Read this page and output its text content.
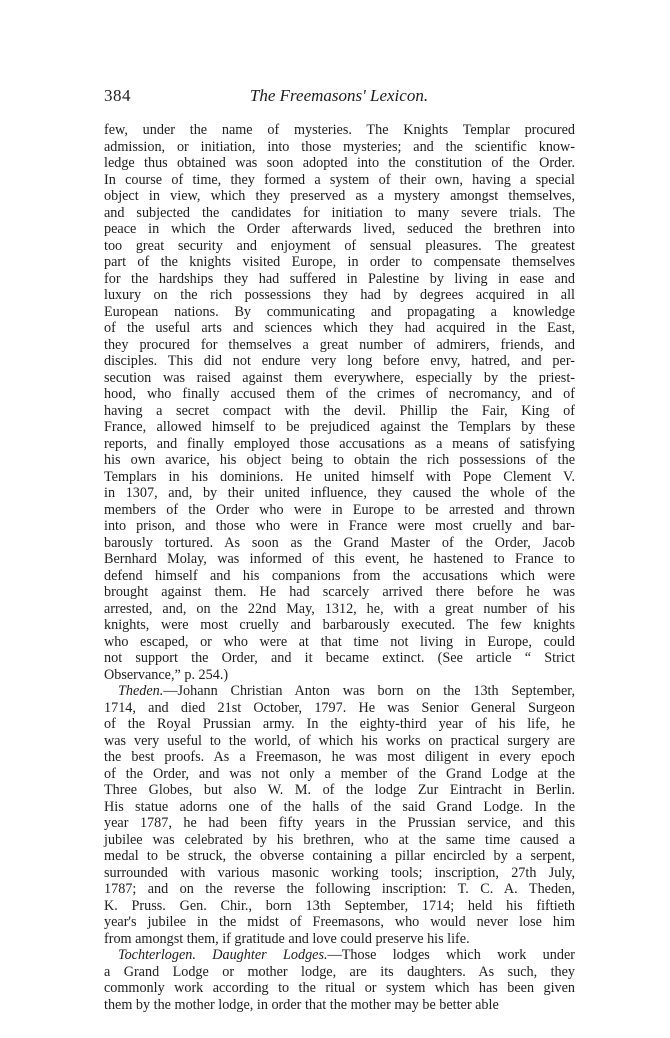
384	The Freemasons' Lexicon.
few, under the name of mysteries. The Knights Templar procured
admission, or initiation, into those mysteries; and the scientific know-
ledge thus obtained was soon adopted into the constitution of the Order.
In course of time, they formed a system of their own, having a special
object in view, which they preserved as a mystery amongst themselves,
and subjected the candidates for initiation to many severe trials. The
peace in which the Order afterwards lived, seduced the brethren into
too great security and enjoyment of sensual pleasures. The greatest
part of the knights visited Europe, in order to compensate themselves
for the hardships they had suffered in Palestine by living in ease and
luxury on the rich possessions they had by degrees acquired in all
European nations. By communicating and propagating a knowledge
of the useful arts and sciences which they had acquired in the East,
they procured for themselves a great number of admirers, friends, and
disciples. This did not endure very long before envy, hatred, and per-
secution was raised against them everywhere, especially by the priest-
hood, who finally accused them of the crimes of necromancy, and of
having a secret compact with the devil. Phillip the Fair, King of
France, allowed himself to be prejudiced against the Templars by these
reports, and finally employed those accusations as a means of satisfying
his own avarice, his object being to obtain the rich possessions of the
Templars in his dominions. He united himself with Pope Clement V.
in 1307, and, by their united influence, they caused the whole of the
members of the Order who were in Europe to be arrested and thrown
into prison, and those who were in France were most cruelly and bar-
barously tortured. As soon as the Grand Master of the Order, Jacob
Bernhard Molay, was informed of this event, he hastened to France to
defend himself and his companions from the accusations which were
brought against them. He had scarcely arrived there before he was
arrested, and, on the 22nd May, 1312, he, with a great number of his
knights, were most cruelly and barbarously executed. The few knights
who escaped, or who were at that time not living in Europe, could
not support the Order, and it became extinct. (See article “ Strict
Observance,” p. 254.)
Theden.—Johann Christian Anton was born on the 13th September,
1714, and died 21st October, 1797. He was Senior General Surgeon
of the Royal Prussian army. In the eighty-third year of his life, he
was very useful to the world, of which his works on practical surgery are
the best proofs. As a Freemason, he was most diligent in every epoch
of the Order, and was not only a member of the Grand Lodge at the
Three Globes, but also W. M. of the lodge Zur Eintracht in Berlin.
His statue adorns one of the halls of the said Grand Lodge. In the
year 1787, he had been fifty years in the Prussian service, and this
jubilee was celebrated by his brethren, who at the same time caused a
medal to be struck, the obverse containing a pillar encircled by a serpent,
surrounded with various masonic working tools; inscription, 27th July,
1787; and on the reverse the following inscription: T. C. A. Theden,
K. Pruss. Gen. Chir., born 13th September, 1714; held his fiftieth
year's jubilee in the midst of Freemasons, who would never lose him
from amongst them, if gratitude and love could preserve his life.
Tochterlogen. Daughter Lodges.—Those lodges which work under
a Grand Lodge or mother lodge, are its daughters. As such, they
commonly work according to the ritual or system which has been given
them by the mother lodge, in order that the mother may be better able
